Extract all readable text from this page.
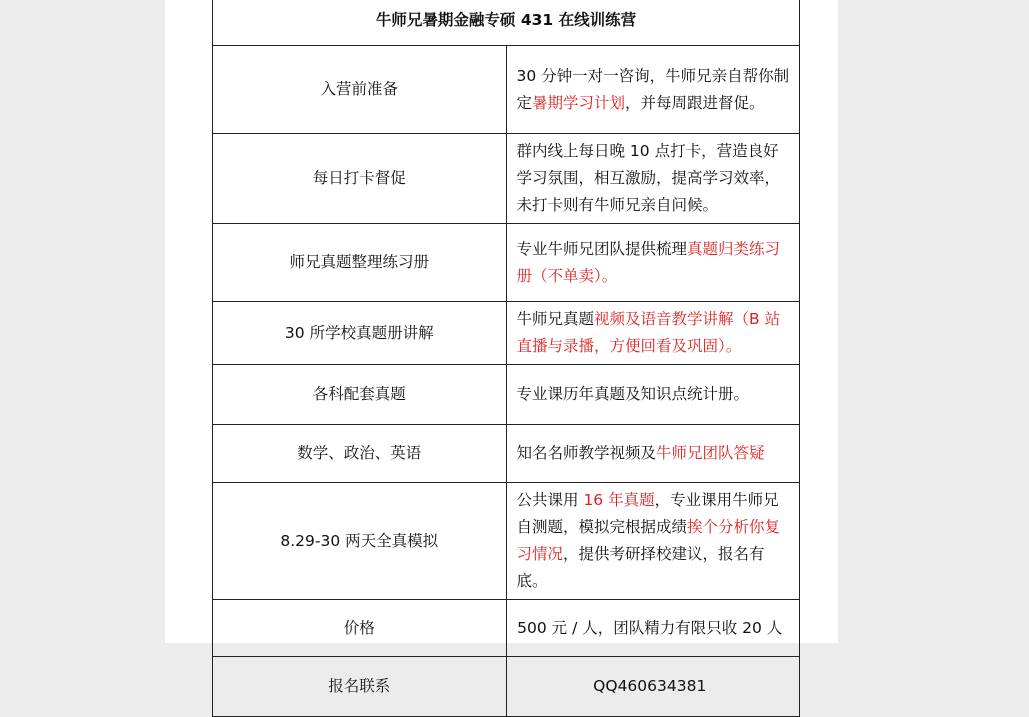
牛师兄暑期金融专硕 431 在线训练营	
入营前准备	30 分钟一对一咨询，牛师兄亲自帮你制定暑期学习计划，并每周跟进督促。
每日打卡督促	群内线上每日晚 10 点打卡，营造良好学习氛围，相互激励，提高学习效率，未打卡则有牛师兄亲自问候。
师兄真题整理练习册	专业牛师兄团队提供梳理真题归类练习册（不单卖）。
30 所学校真题册讲解	牛师兄真题视频及语音教学讲解（B 站直播与录播，方便回看及巩固）。
各科配套真题	专业课历年真题及知识点统计册。
数学、政治、英语	知名名师教学视频及牛师兄团队答疑
8.29-30 两天全真模拟	公共课用 16 年真题，专业课用牛师兄自测题，模拟完根据成绩挨个分析你复习情况，提供考研择校建议，报名有底。
价格	500 元 / 人，团队精力有限只收 20 人
报名联系	QQ460634381
